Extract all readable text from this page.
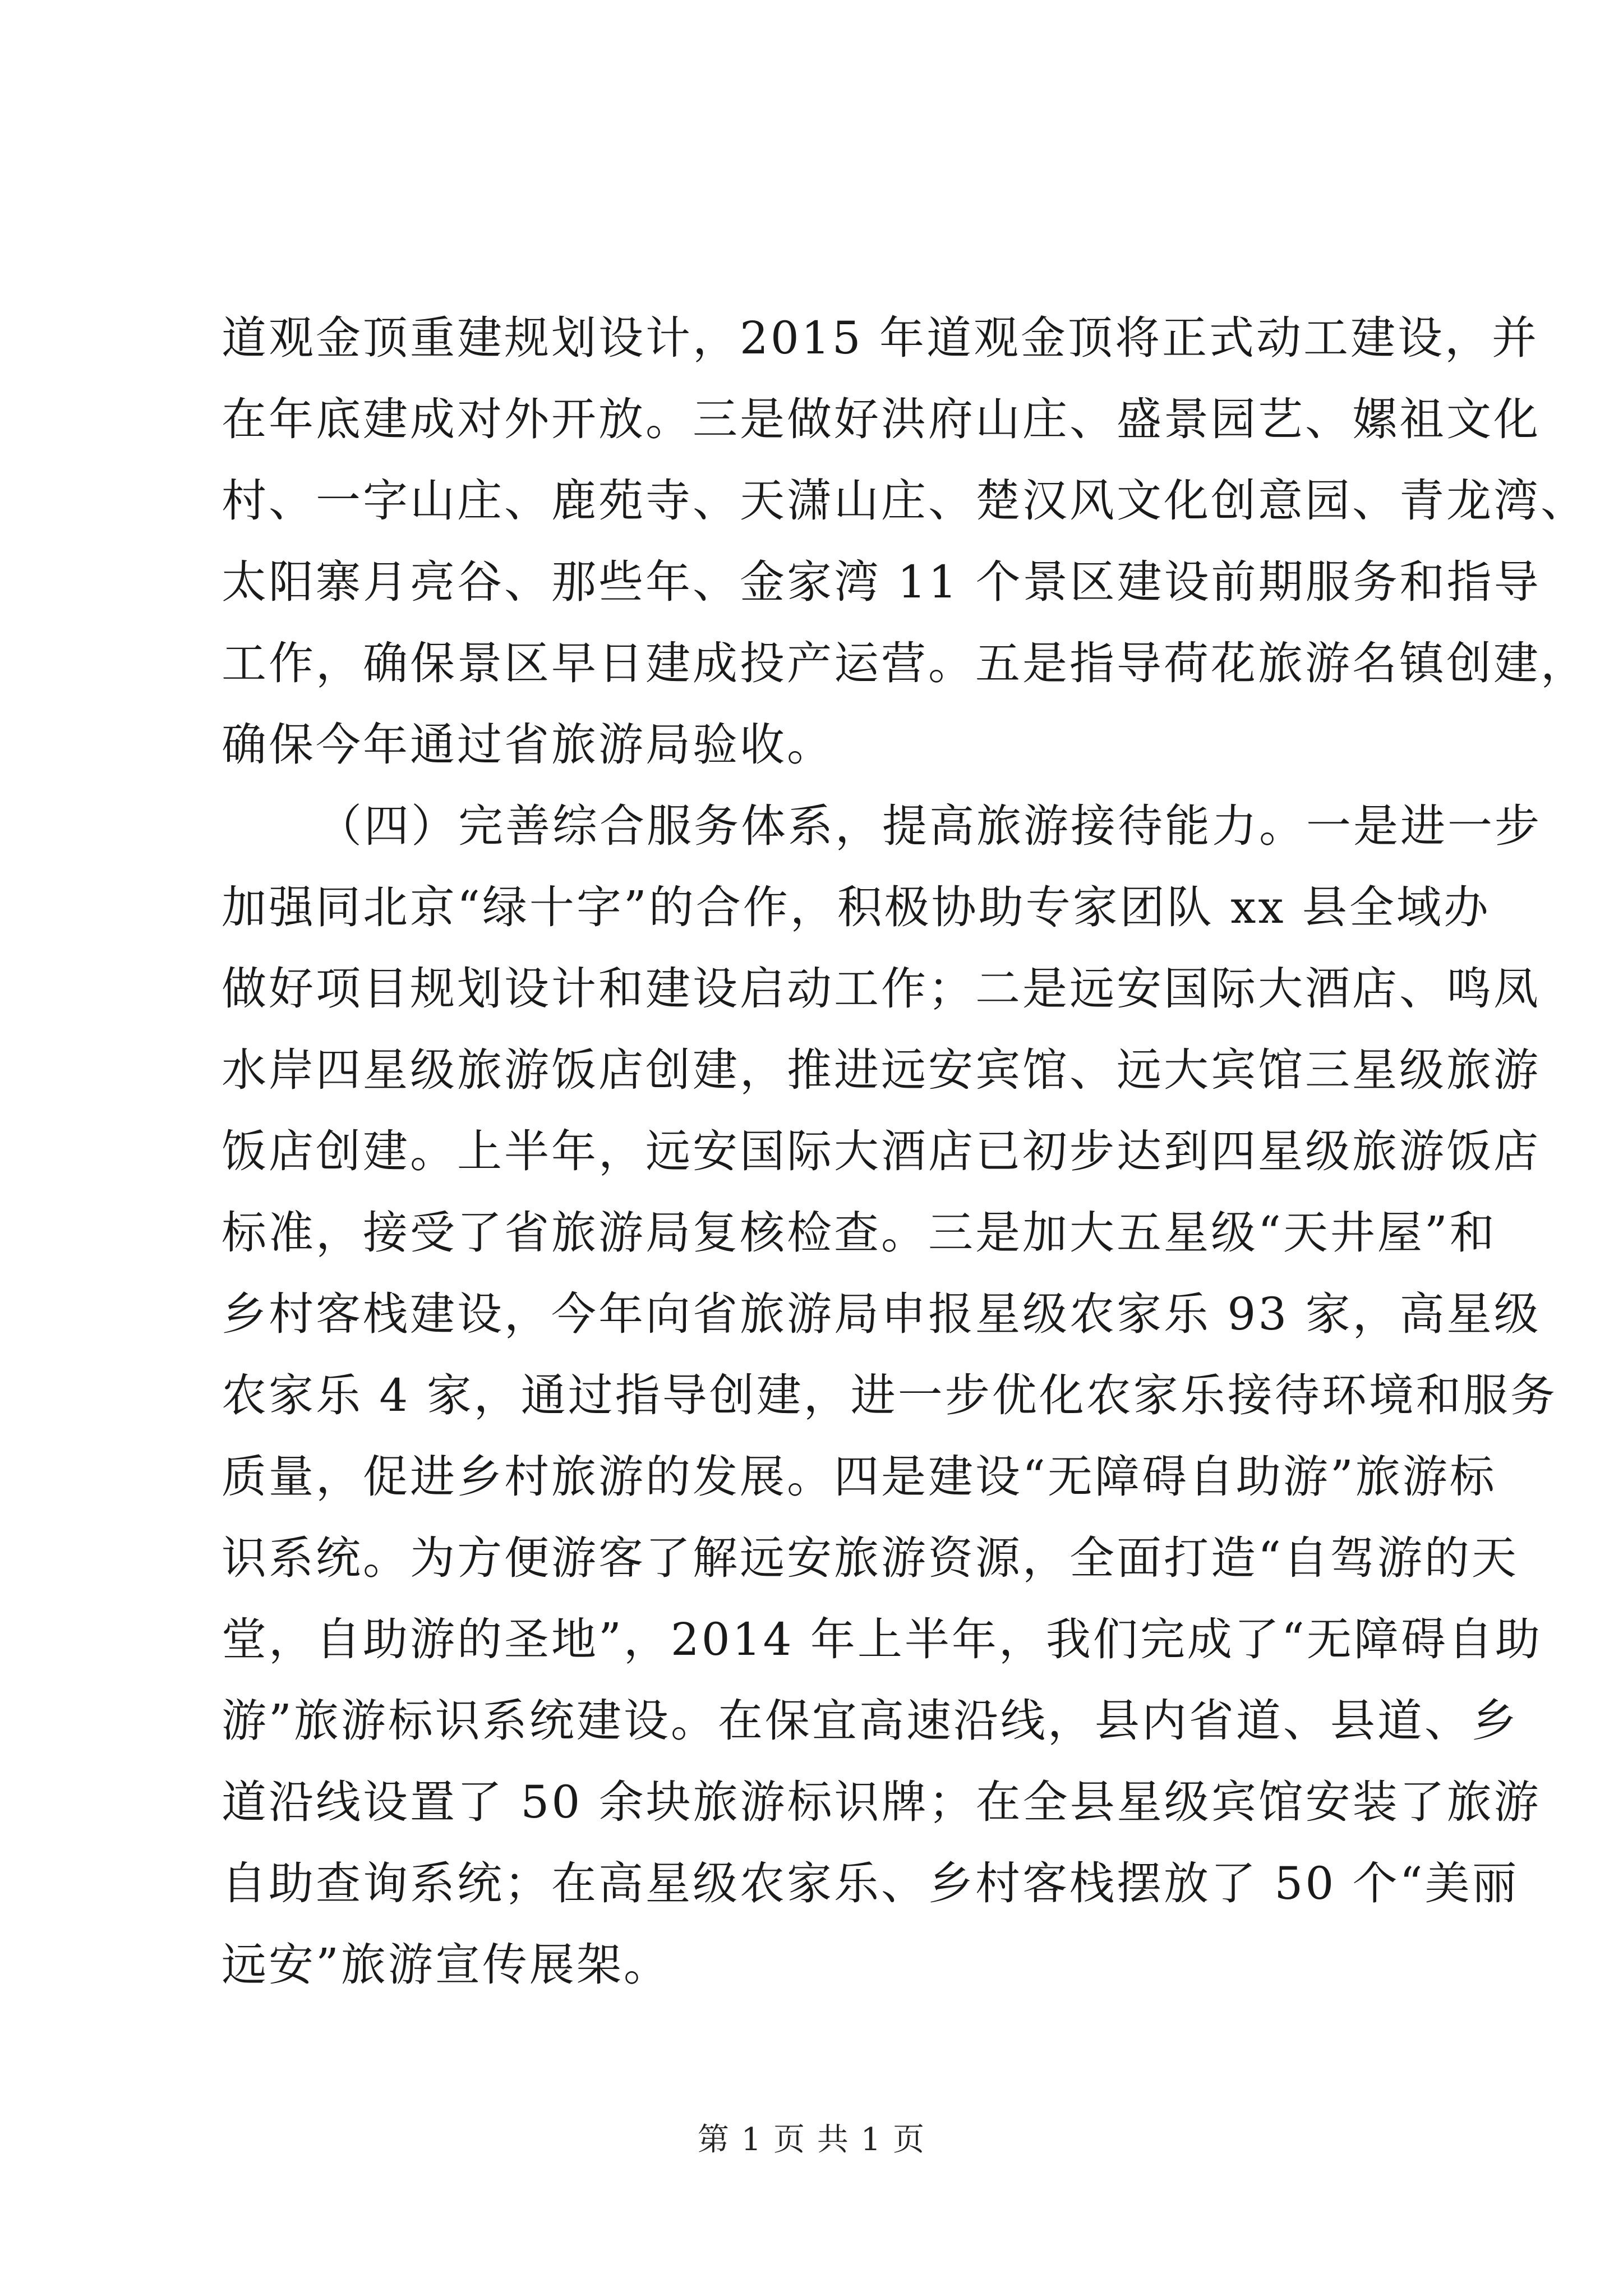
道观金顶重建规划设计，2015 年道观金顶将正式动工建设，并
在年底建成对外开放。三是做好洪府山庄、盛景园艺、嫘祖文化
村、一字山庄、鹿苑寺、天潇山庄、楚汉风文化创意园、青龙湾、
太阳寨月亮谷、那些年、金家湾 11 个景区建设前期服务和指导
工作，确保景区早日建成投产运营。五是指导荷花旅游名镇创建，
确保今年通过省旅游局验收。
（四）完善综合服务体系，提高旅游接待能力。一是进一步
加强同北京“绿十字”的合作，积极协助专家团队 xx 县全域办
做好项目规划设计和建设启动工作；二是远安国际大酒店、鸣凤
水岸四星级旅游饭店创建，推进远安宾馆、远大宾馆三星级旅游
饭店创建。上半年，远安国际大酒店已初步达到四星级旅游饭店
标准，接受了省旅游局复核检查。三是加大五星级“天井屋”和
乡村客栈建设，今年向省旅游局申报星级农家乐 93 家，高星级
农家乐 4 家，通过指导创建，进一步优化农家乐接待环境和服务
质量，促进乡村旅游的发展。四是建设“无障碍自助游”旅游标
识系统。为方便游客了解远安旅游资源，全面打造“自驾游的天
堂，自助游的圣地”，2014 年上半年，我们完成了“无障碍自助
游”旅游标识系统建设。在保宜高速沿线，县内省道、县道、乡
道沿线设置了 50 余块旅游标识牌；在全县星级宾馆安装了旅游
自助查询系统；在高星级农家乐、乡村客栈摆放了 50 个“美丽
远安”旅游宣传展架。
第 1 页 共 1 页
